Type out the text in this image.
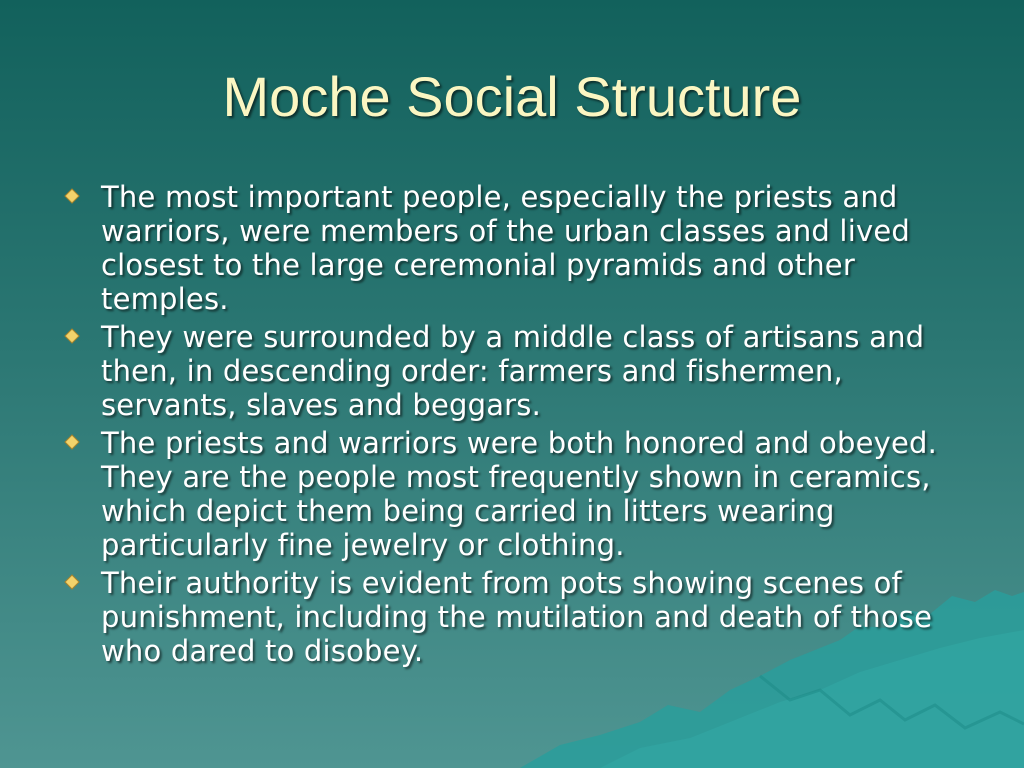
Moche Social Structure
The most important people, especially the priests and warriors, were members of the urban classes and lived closest to the large ceremonial pyramids and other temples.
They were surrounded by a middle class of artisans and then, in descending order: farmers and fishermen, servants, slaves and beggars.
The priests and warriors were both honored and obeyed. They are the people most frequently shown in ceramics, which depict them being carried in litters wearing particularly fine jewelry or clothing.
Their authority is evident from pots showing scenes of punishment, including the mutilation and death of those who dared to disobey.
